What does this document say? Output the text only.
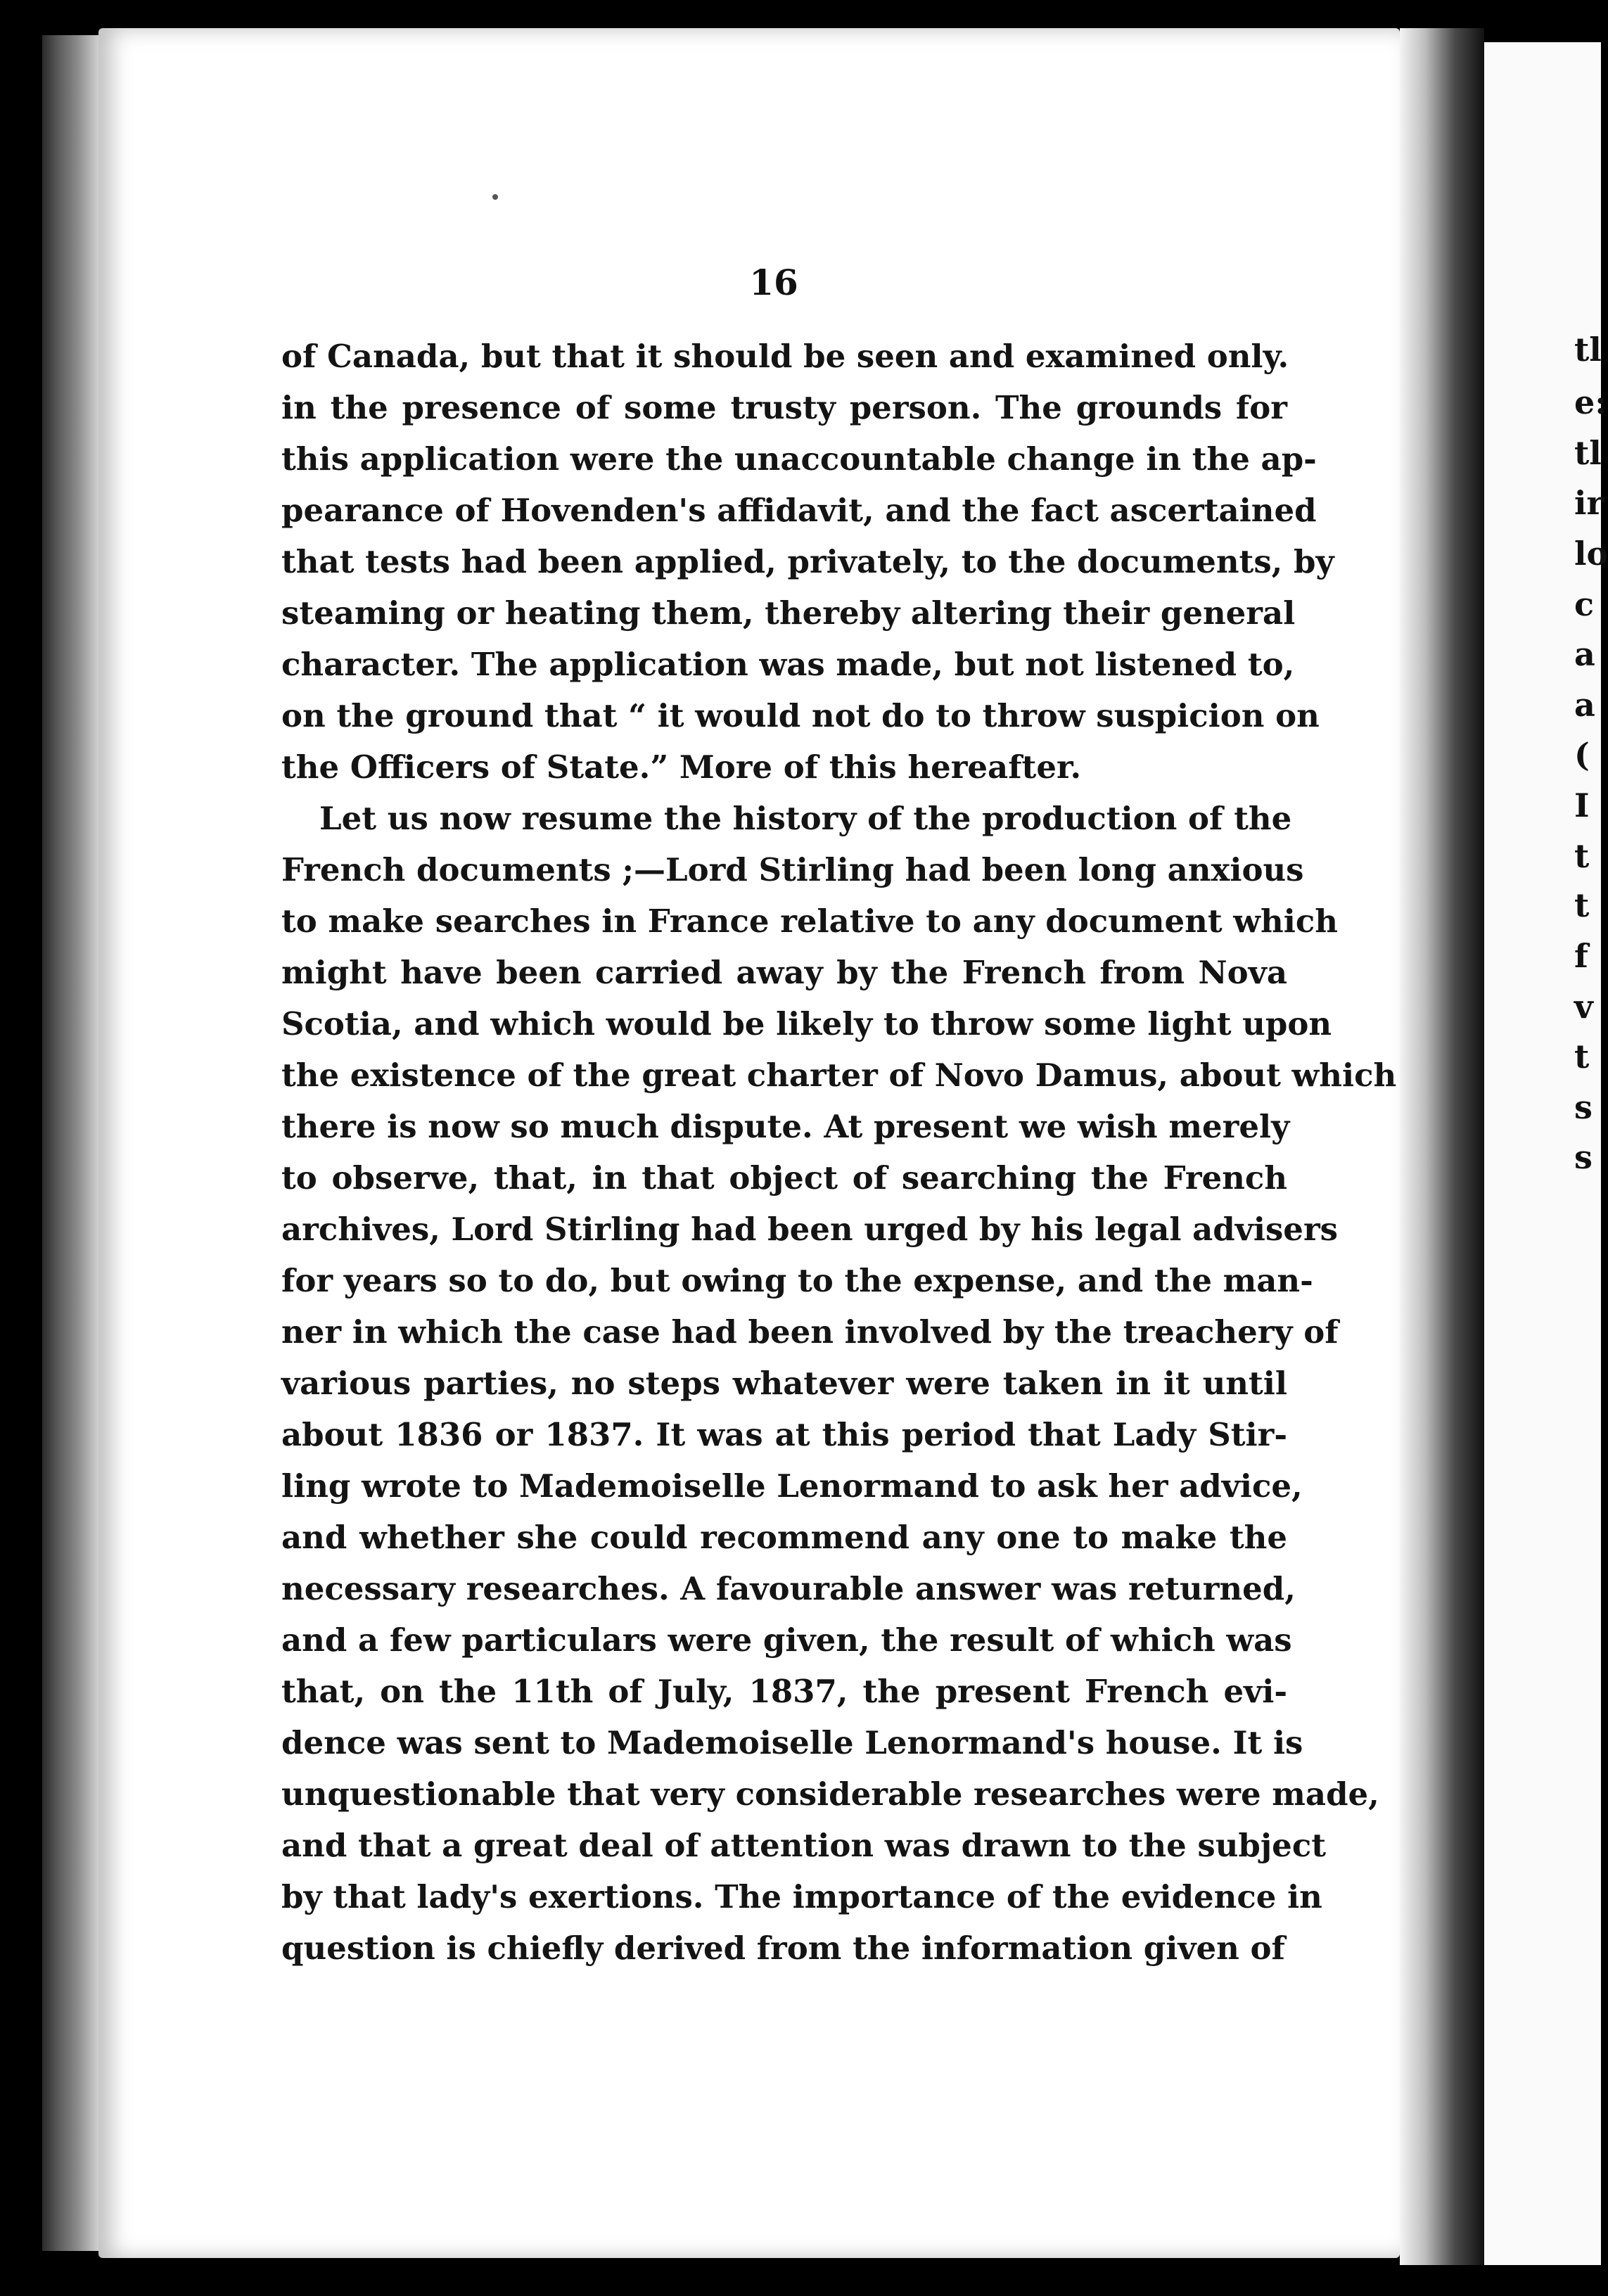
16
of Canada, but that it should be seen and examined only.
in the presence of some trusty person. The grounds for
this application were the unaccountable change in the ap-
pearance of Hovenden's affidavit, and the fact ascertained
that tests had been applied, privately, to the documents, by
steaming or heating them, thereby altering their general
character. The application was made, but not listened to,
on the ground that “ it would not do to throw suspicion on
the Officers of State.” More of this hereafter.
Let us now resume the history of the production of the
French documents ;—Lord Stirling had been long anxious
to make searches in France relative to any document which
might have been carried away by the French from Nova
Scotia, and which would be likely to throw some light upon
the existence of the great charter of Novo Damus, about which
there is now so much dispute. At present we wish merely
to observe, that, in that object of searching the French
archives, Lord Stirling had been urged by his legal advisers
for years so to do, but owing to the expense, and the man-
ner in which the case had been involved by the treachery of
various parties, no steps whatever were taken in it until
about 1836 or 1837. It was at this period that Lady Stir-
ling wrote to Mademoiselle Lenormand to ask her advice,
and whether she could recommend any one to make the
necessary researches. A favourable answer was returned,
and a few particulars were given, the result of which was
that, on the 11th of July, 1837, the present French evi-
dence was sent to Mademoiselle Lenormand's house. It is
unquestionable that very considerable researches were made,
and that a great deal of attention was drawn to the subject
by that lady's exertions. The importance of the evidence in
question is chiefly derived from the information given of
tl
e:
tl
ir
lo
c
a
a
(
I
t
t
f
v
t
s
s
